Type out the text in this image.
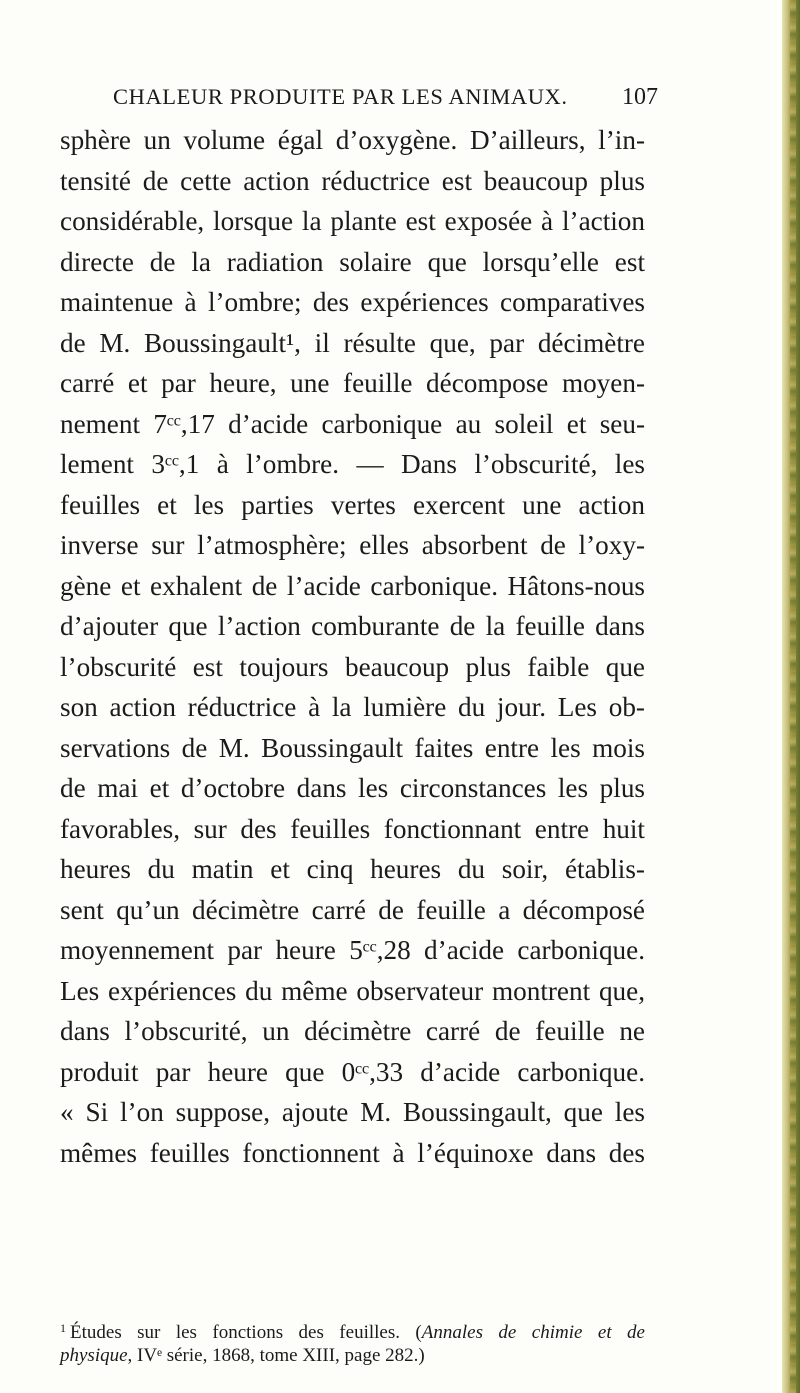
CHALEUR PRODUITE PAR LES ANIMAUX. 107
sphère un volume égal d’oxygène. D’ailleurs, l’in-
tensité de cette action réductrice est beaucoup plus
considérable, lorsque la plante est exposée à l’action
directe de la radiation solaire que lorsqu’elle est
maintenue à l’ombre; des expériences comparatives
de M. Boussingault¹, il résulte que, par décimètre
carré et par heure, une feuille décompose moyen-
nement 7ᶜᶜ,17 d’acide carbonique au soleil et seu-
lement 3ᶜᶜ,1 à l’ombre. — Dans l’obscurité, les
feuilles et les parties vertes exercent une action
inverse sur l’atmosphère; elles absorbent de l’oxy-
gène et exhalent de l’acide carbonique. Hâtons-nous
d’ajouter que l’action comburante de la feuille dans
l’obscurité est toujours beaucoup plus faible que
son action réductrice à la lumière du jour. Les ob-
servations de M. Boussingault faites entre les mois
de mai et d’octobre dans les circonstances les plus
favorables, sur des feuilles fonctionnant entre huit
heures du matin et cinq heures du soir, établis-
sent qu’un décimètre carré de feuille a décomposé
moyennement par heure 5ᶜᶜ,28 d’acide carbonique.
Les expériences du même observateur montrent que,
dans l’obscurité, un décimètre carré de feuille ne
produit par heure que 0ᶜᶜ,33 d’acide carbonique.
« Si l’on suppose, ajoute M. Boussingault, que les
mêmes feuilles fonctionnent à l’équinoxe dans des
$^1$ Études sur les fonctions des feuilles. (Annales de chimie et de
physique, IVᵉ série, 1868, tome XIII, page 282.)
